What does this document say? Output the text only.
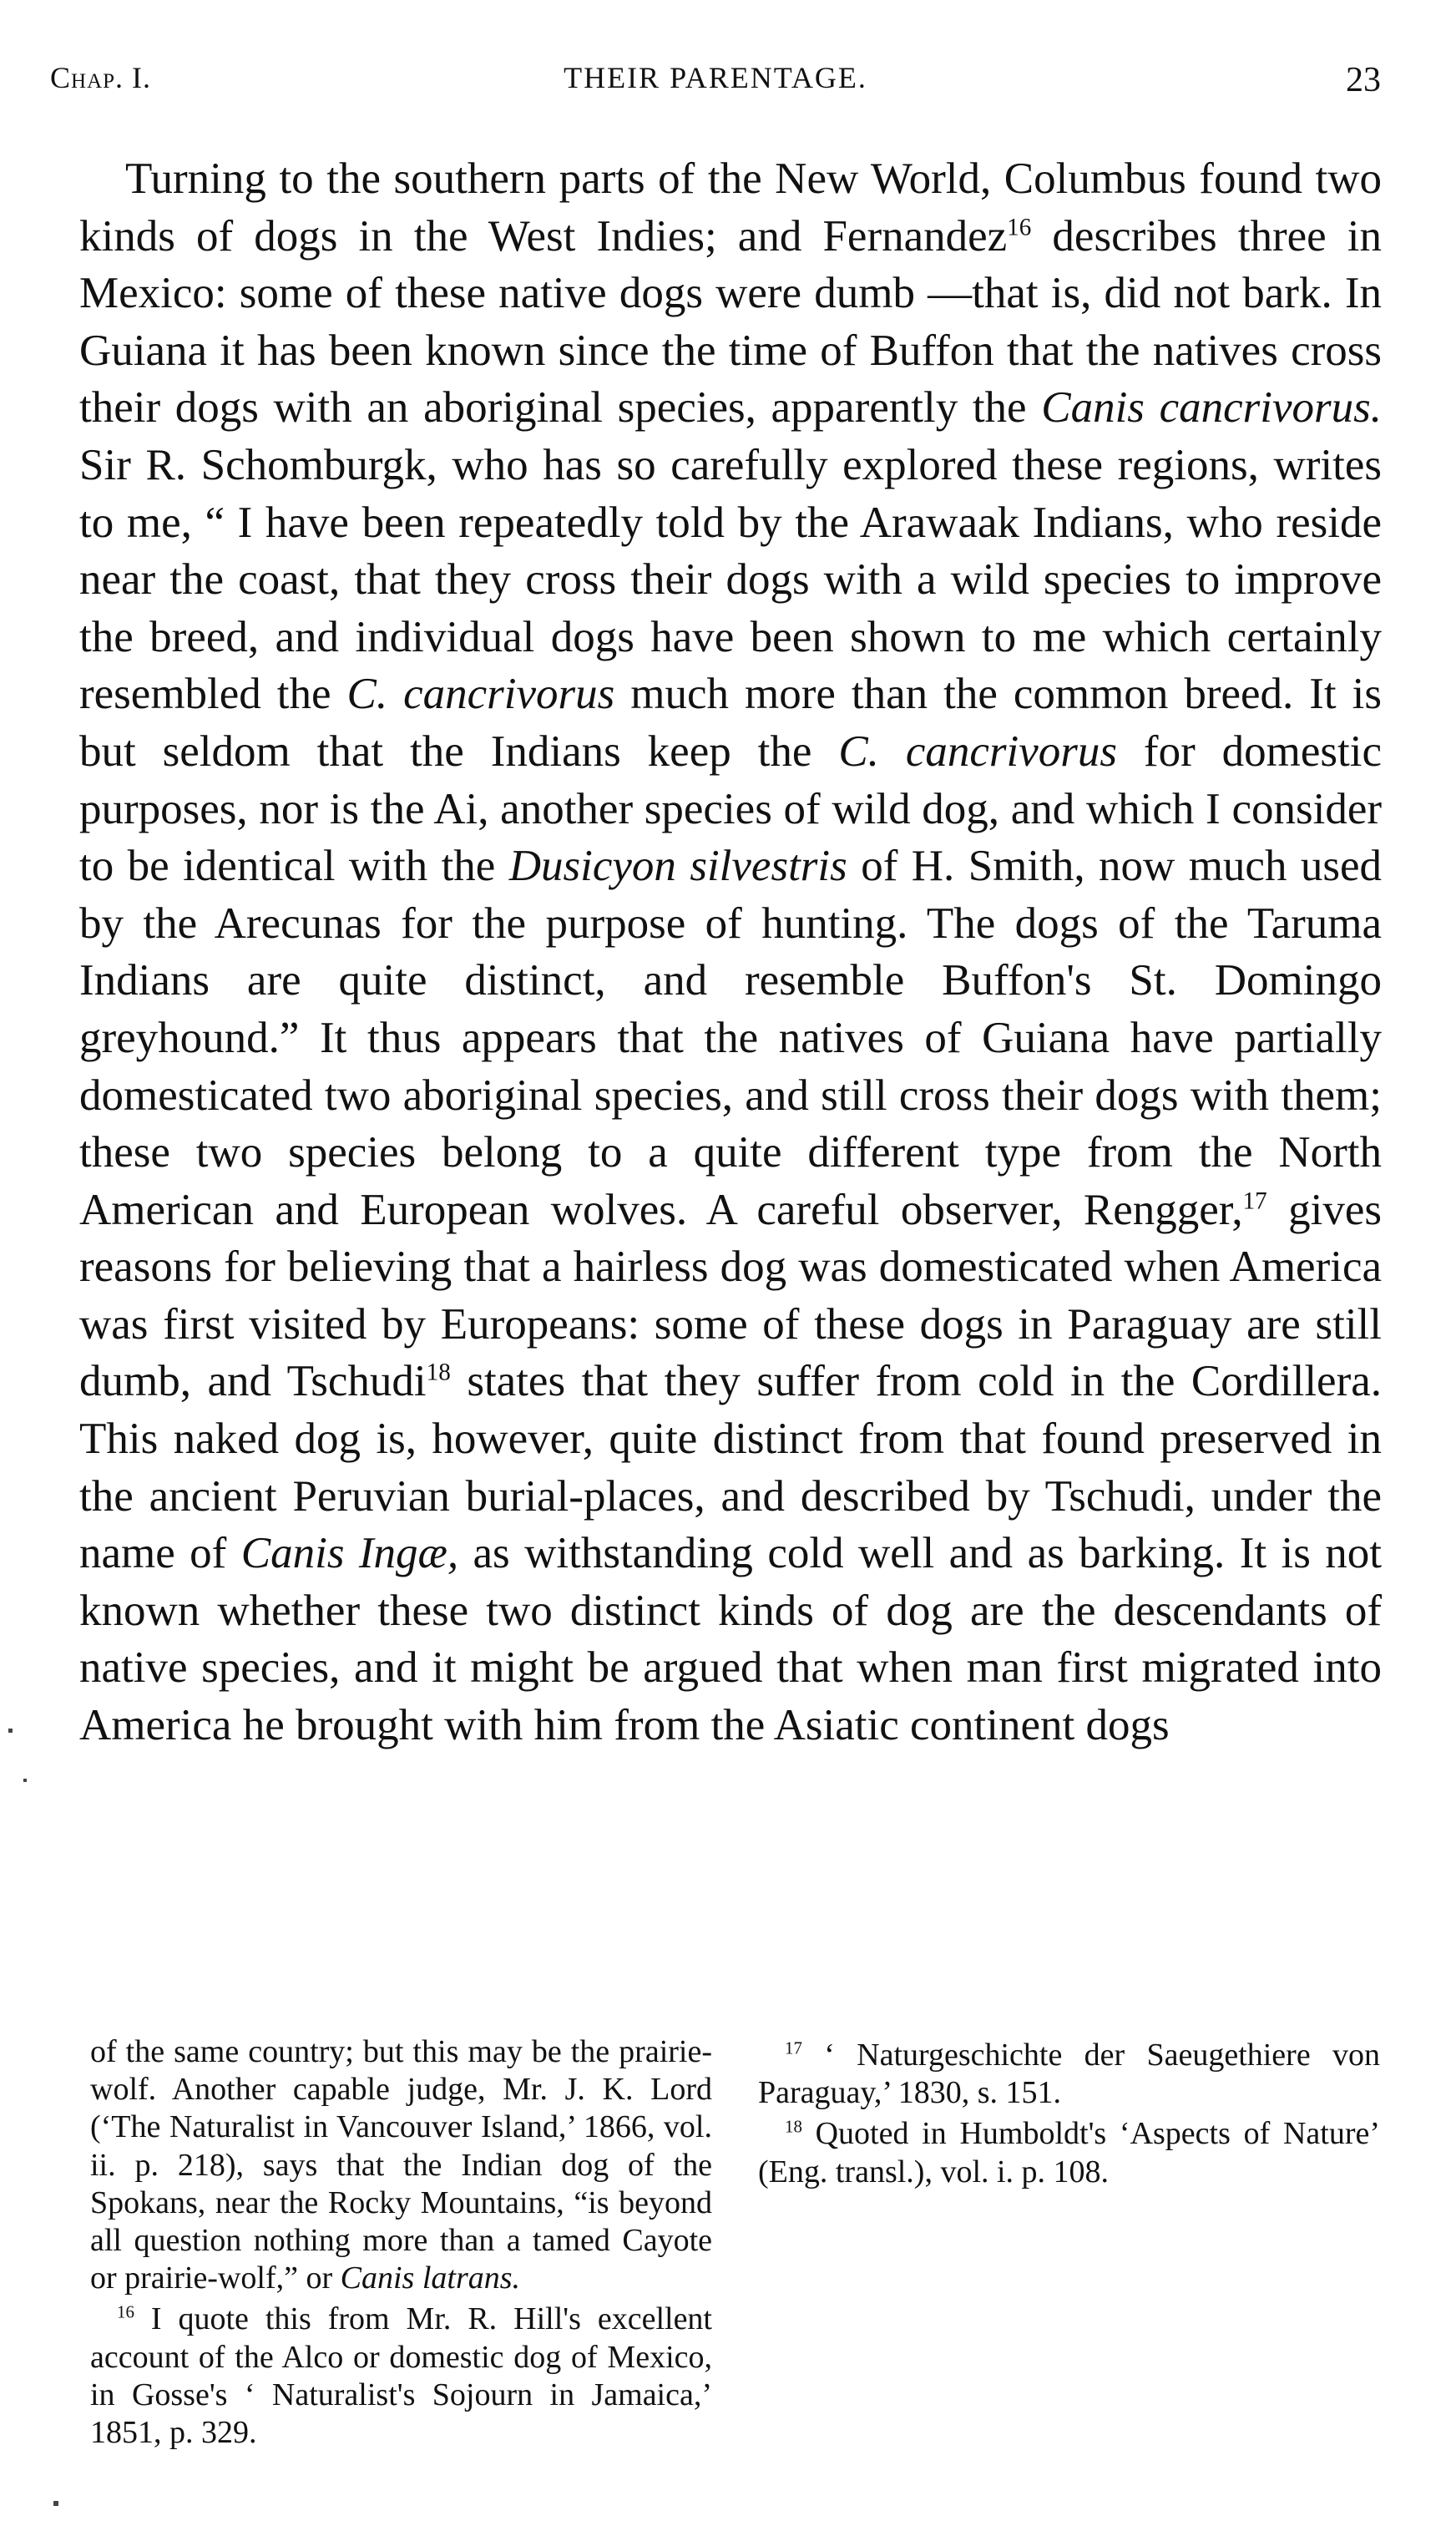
Chap. I.	THEIR PARENTAGE.	23

Turning to the southern parts of the New World, Columbus found two kinds of dogs in the West Indies; and Fernandez$^{16}$ describes three in Mexico: some of these native dogs were dumb —that is, did not bark. In Guiana it has been known since the time of Buffon that the natives cross their dogs with an aboriginal species, apparently the Canis cancrivorus. Sir R. Schomburgk, who has so carefully explored these regions, writes to me, “ I have been repeatedly told by the Arawaak Indians, who reside near the coast, that they cross their dogs with a wild species to improve the breed, and individual dogs have been shown to me which certainly resembled the C. cancrivorus much more than the common breed. It is but seldom that the Indians keep the C. cancrivorus for domestic purposes, nor is the Ai, another species of wild dog, and which I consider to be identical with the Dusicyon silvestris of H. Smith, now much used by the Arecunas for the purpose of hunting. The dogs of the Taruma Indians are quite distinct, and resemble Buffon's St. Domingo greyhound.” It thus appears that the natives of Guiana have partially domesticated two aboriginal species, and still cross their dogs with them; these two species belong to a quite different type from the North American and European wolves. A careful observer, Rengger,$^{17}$ gives reasons for believing that a hairless dog was domesticated when America was first visited by Europeans: some of these dogs in Paraguay are still dumb, and Tschudi$^{18}$ states that they suffer from cold in the Cordillera. This naked dog is, however, quite distinct from that found preserved in the ancient Peruvian burial-places, and described by Tschudi, under the name of Canis Ingæ, as withstanding cold well and as barking. It is not known whether these two distinct kinds of dog are the descendants of native species, and it might be argued that when man first migrated into America he brought with him from the Asiatic continent dogs

of the same country; but this may be the prairie-wolf. Another capable judge, Mr. J. K. Lord (‘The Naturalist in Vancouver Island,’ 1866, vol. ii. p. 218), says that the Indian dog of the Spokans, near the Rocky Mountains, “is beyond all question nothing more than a tamed Cayote or prairie-wolf,” or Canis latrans.

$^{16}$ I quote this from Mr. R. Hill's excellent account of the Alco or domestic dog of Mexico, in Gosse's ‘ Naturalist's Sojourn in Jamaica,’ 1851, p. 329.

$^{17}$ ‘ Naturgeschichte der Saeugethiere von Paraguay,’ 1830, s. 151.

$^{18}$ Quoted in Humboldt's ‘Aspects of Nature’ (Eng. transl.), vol. i. p. 108.
